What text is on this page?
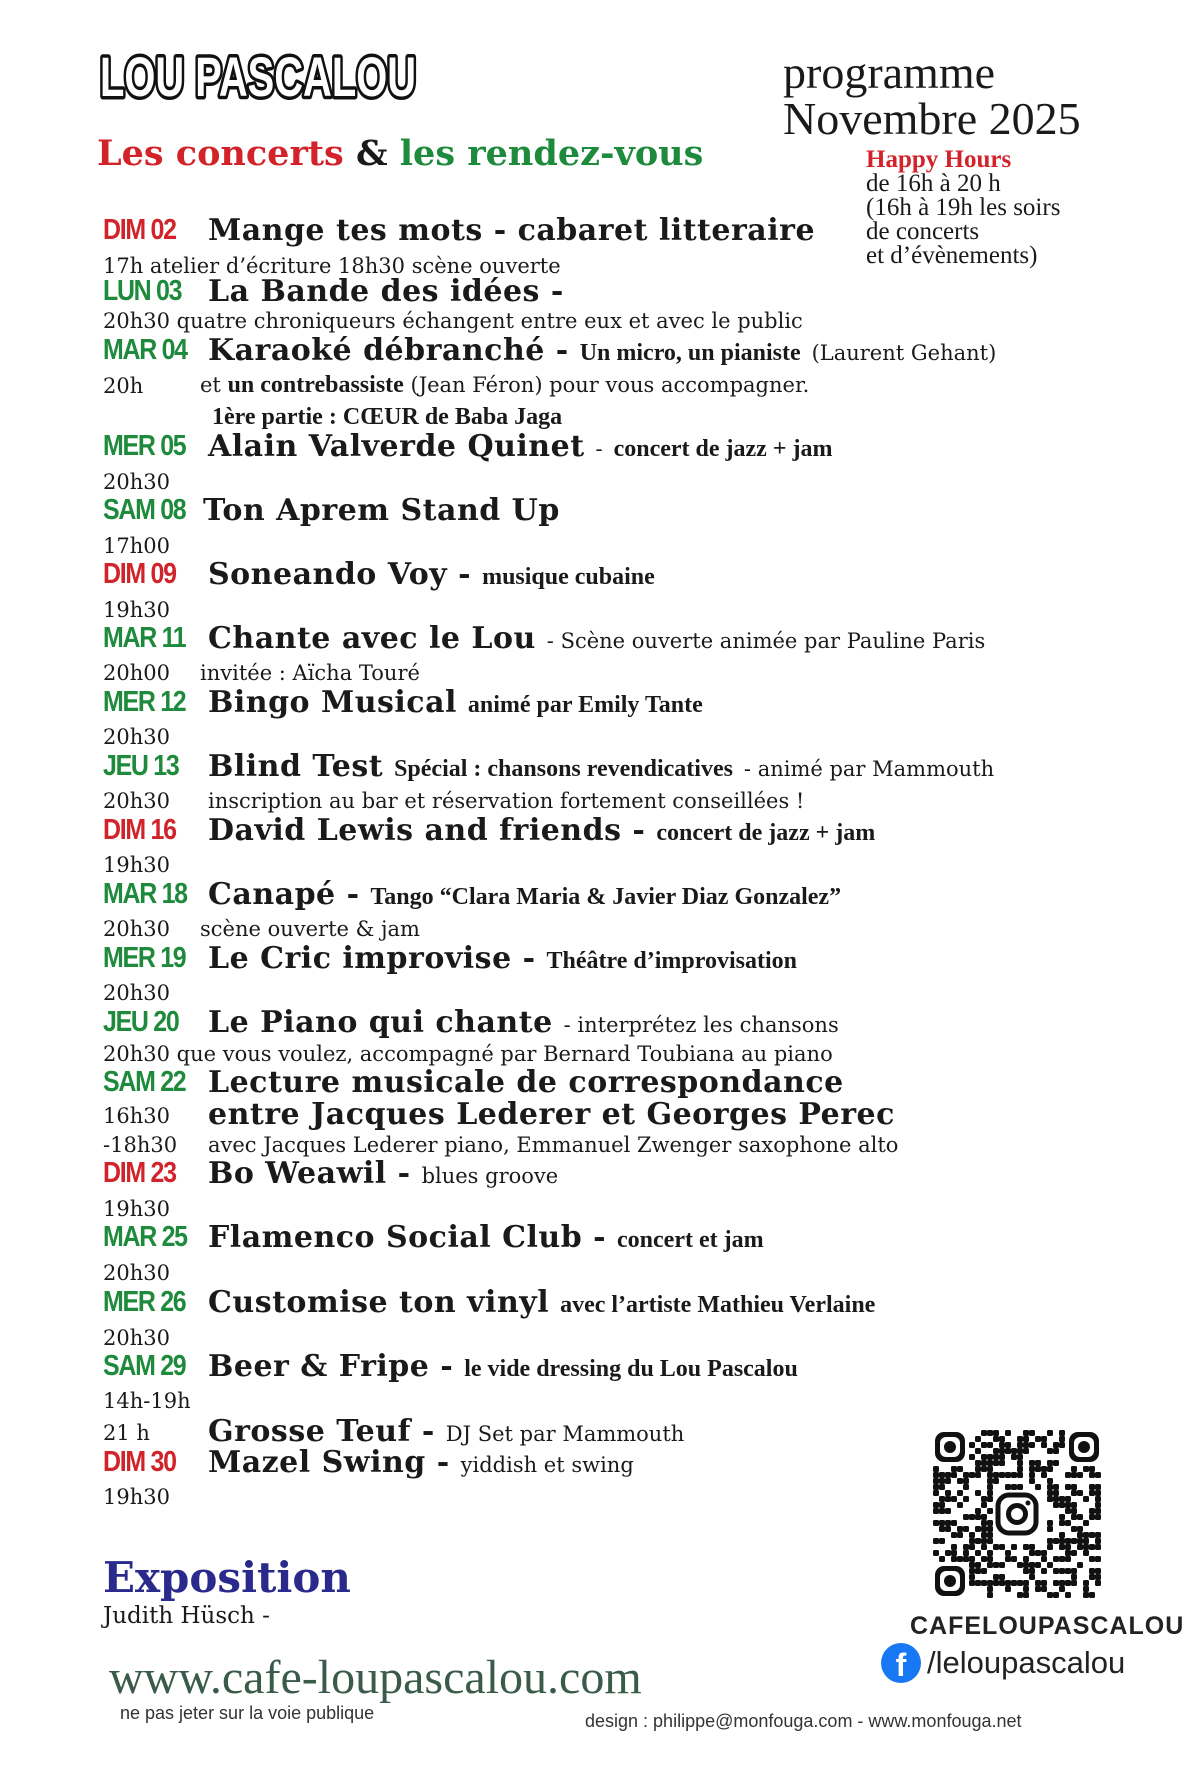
LOU PASCALOU
LOU PASCALOU	programme
Novembre 2025
Les concerts & les rendez-vous	Happy Hours
de 16h à 20 h
(16h à 19h les soirs
de concerts
et d’évènements)
DIM 02 Mange tes mots - cabaret litteraire
17h atelier d’écriture 18h30 scène ouverte
LUN 03 La Bande des idées -
20h30 quatre chroniqueurs échangent entre eux et avec le public
MAR 04 Karaoké débranché - Un micro, un pianiste (Laurent Gehant)
20h	et un contrebassiste (Jean Féron) pour vous accompagner.
1ère partie : CŒUR de Baba Jaga
MER 05 Alain Valverde Quinet - concert de jazz + jam
20h30
SAM 08 Ton Aprem Stand Up
17h00
DIM 09 Soneando Voy - musique cubaine
19h30
MAR 11 Chante avec le Lou - Scène ouverte animée par Pauline Paris
20h00 invitée : Aïcha Touré
MER 12 Bingo Musical animé par Emily Tante
20h30
JEU 13 Blind Test Spécial : chansons revendicatives - animé par Mammouth
20h30 inscription au bar et réservation fortement conseillées !
DIM 16 David Lewis and friends - concert de jazz + jam
19h30
MAR 18 Canapé - Tango “Clara Maria & Javier Diaz Gonzalez”
20h30 scène ouverte & jam
MER 19 Le Cric improvise - Théâtre d’improvisation
20h30
JEU 20 Le Piano qui chante - interprétez les chansons
20h30 que vous voulez, accompagné par Bernard Toubiana au piano
SAM 22 Lecture musicale de correspondance
16h30 entre Jacques Lederer et Georges Perec
-18h30 avec Jacques Lederer piano, Emmanuel Zwenger saxophone alto
DIM 23 Bo Weawil - blues groove
19h30
MAR 25 Flamenco Social Club - concert et jam
20h30
MER 26 Customise ton vinyl avec l’artiste Mathieu Verlaine
20h30
SAM 29 Beer & Fripe - le vide dressing du Lou Pascalou
14h-19h
21 h Grosse Teuf - DJ Set par Mammouth
DIM 30 Mazel Swing - yiddish et swing
19h30
Exposition
Judith Hüsch -	CAFELOUPASCALOU
f /leloupascalou
www.cafe-loupascalou.com
ne pas jeter sur la voie publique	design : philippe@monfouga.com - www.monfouga.net
